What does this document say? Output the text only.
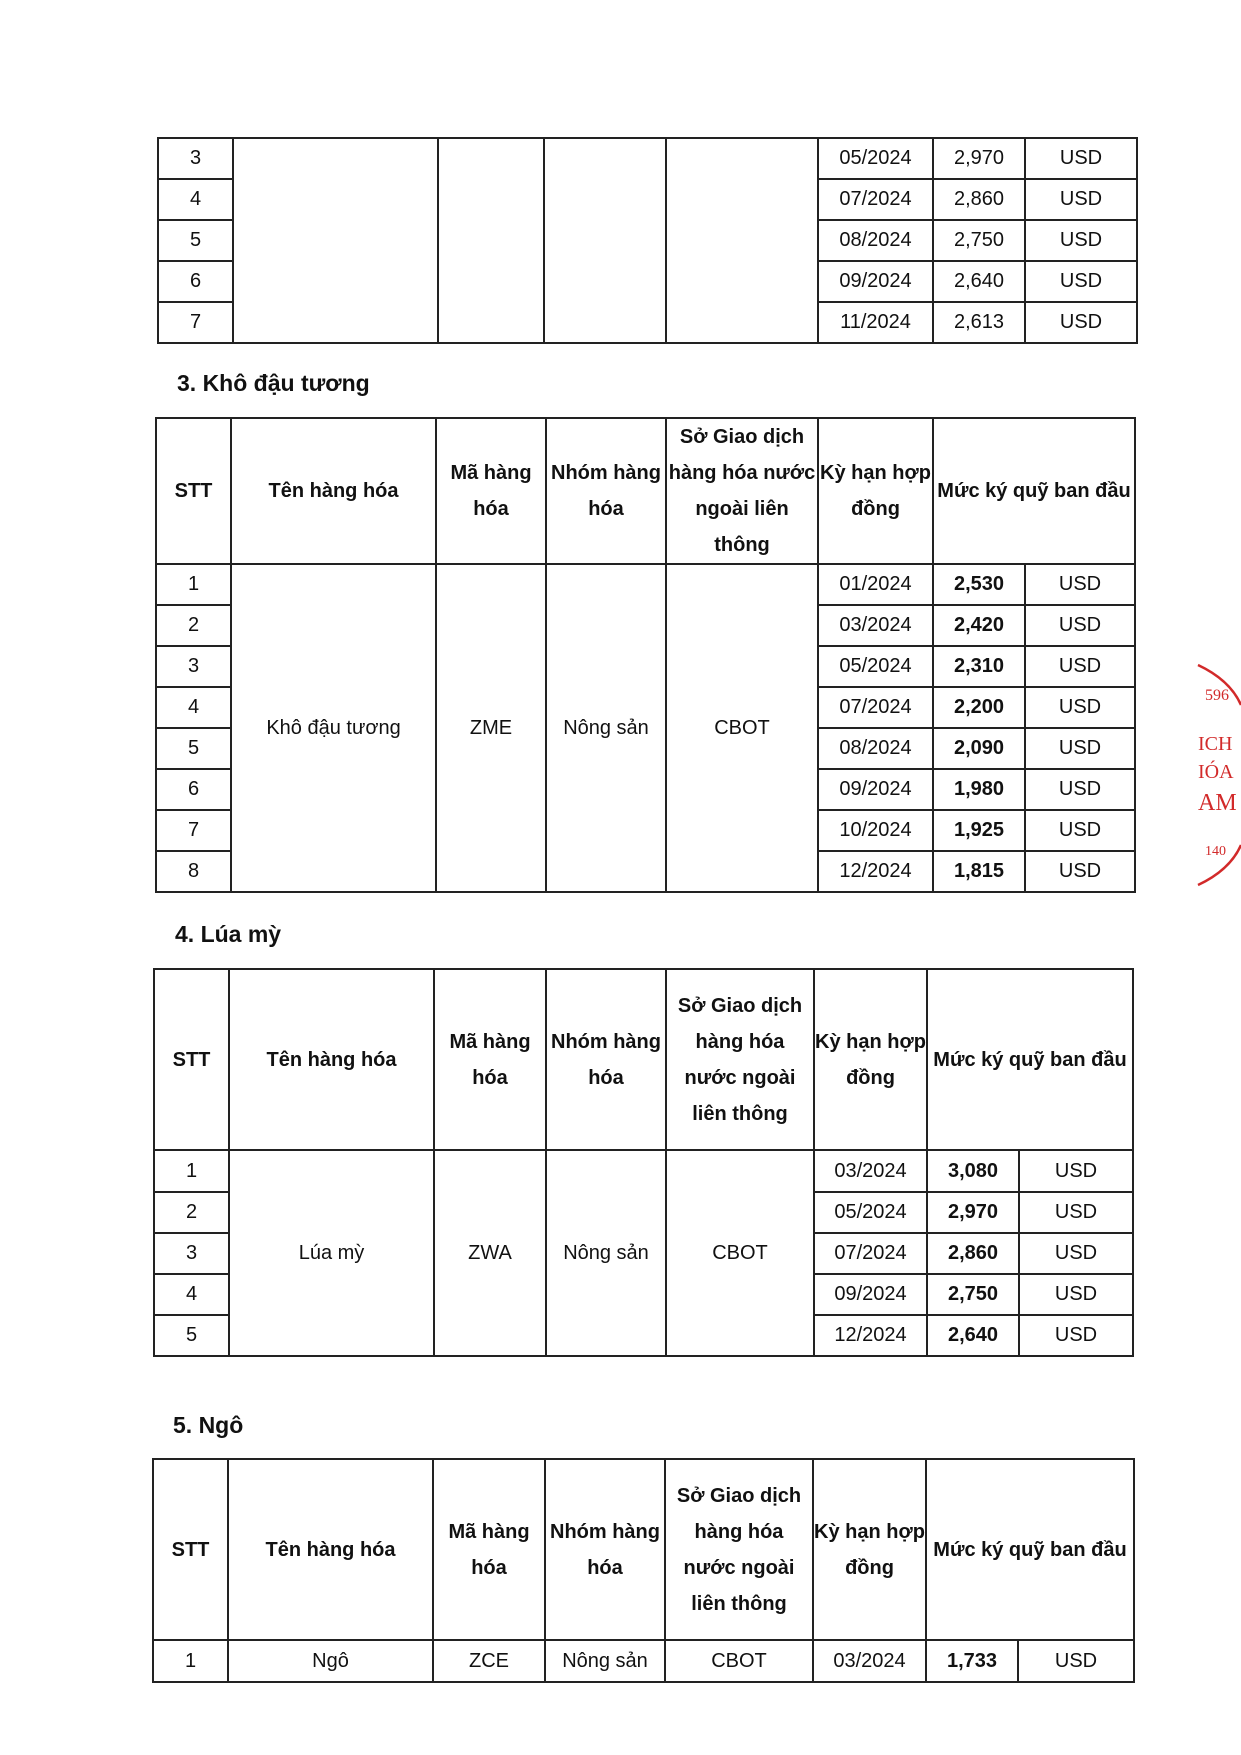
3					05/2024	2,970	USD
4					07/2024	2,860	USD
5					08/2024	2,750	USD
6					09/2024	2,640	USD
7					11/2024	2,613	USD
3. Khô đậu tương
STT	Tên hàng hóa	Mã hàng hóa	Nhóm hàng hóa	Sở Giao dịch hàng hóa nước ngoài liên thông	Kỳ hạn hợp đồng	Mức ký quỹ ban đầu	
1	Khô đậu tương	ZME	Nông sản	CBOT	01/2024	2,530	USD
2					03/2024	2,420	USD
3					05/2024	2,310	USD
4					07/2024	2,200	USD
5					08/2024	2,090	USD
6					09/2024	1,980	USD
7					10/2024	1,925	USD
8					12/2024	1,815	USD
4. Lúa mỳ
STT	Tên hàng hóa	Mã hàng hóa	Nhóm hàng hóa	Sở Giao dịch hàng hóa nước ngoài liên thông	Kỳ hạn hợp đồng	Mức ký quỹ ban đầu	
1	Lúa mỳ	ZWA	Nông sản	CBOT	03/2024	3,080	USD
2					05/2024	2,970	USD
3					07/2024	2,860	USD
4					09/2024	2,750	USD
5					12/2024	2,640	USD
5. Ngô
STT	Tên hàng hóa	Mã hàng hóa	Nhóm hàng hóa	Sở Giao dịch hàng hóa nước ngoài liên thông	Kỳ hạn hợp đồng	Mức ký quỹ ban đầu	
1	Ngô	ZCE	Nông sản	CBOT	03/2024	1,733	USD
596
ICH
IÓA
AM
140
